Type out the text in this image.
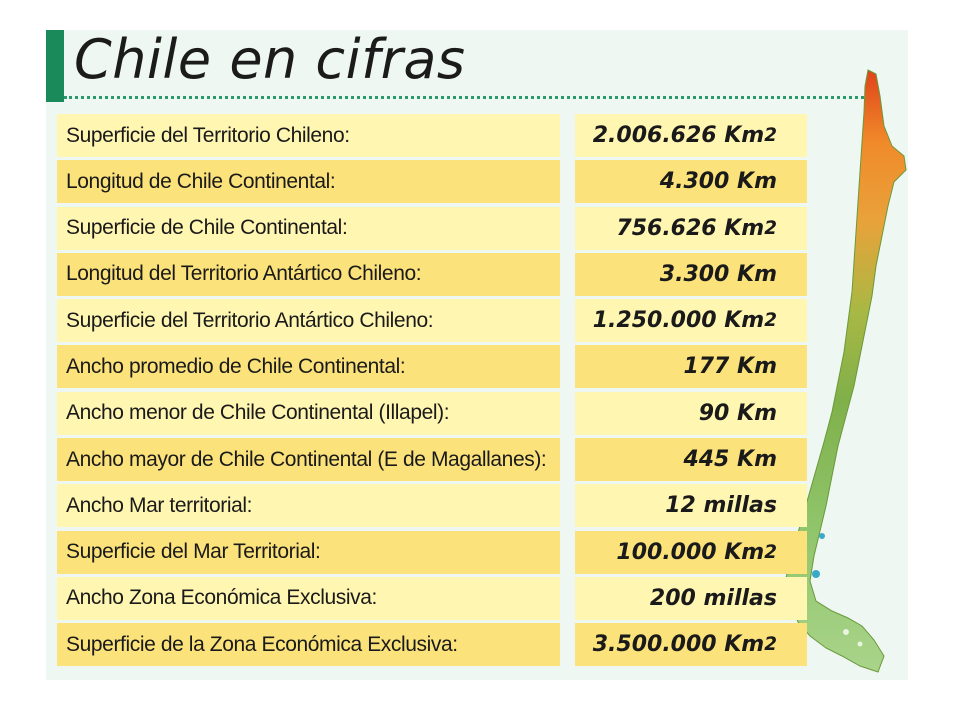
Chile en cifras
Superficie del Territorio Chileno:	2.006.626 Km 2
Longitud de Chile Continental:	4.300 Km
Superficie de Chile Continental:	756.626 Km 2
Longitud del Territorio Antártico Chileno:	3.300 Km
Superficie del Territorio Antártico Chileno:	1.250.000 Km 2
Ancho promedio de Chile Continental:	177 Km
Ancho menor de Chile Continental (Illapel):	90 Km
Ancho mayor de Chile Continental (E de Magallanes):	445 Km
Ancho Mar territorial:	12 millas
Superficie del Mar Territorial:	100.000 Km 2
Ancho Zona Económica Exclusiva:	200 millas
Superficie de la Zona Económica Exclusiva:	3.500.000 Km 2
